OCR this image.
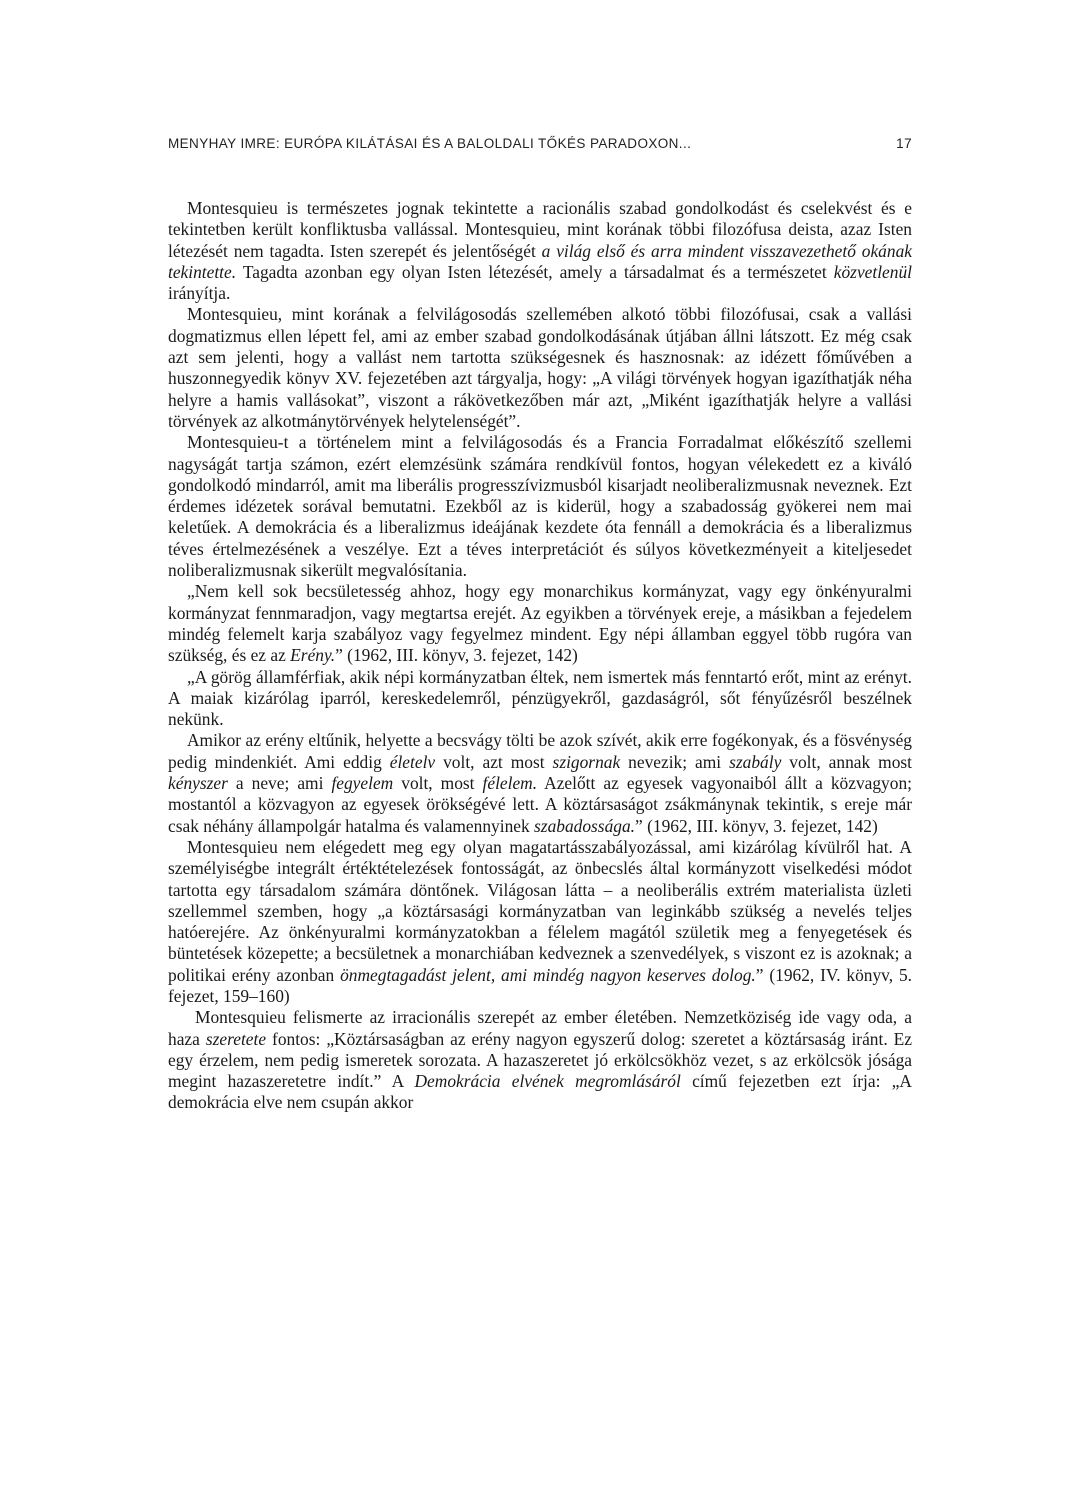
MENYHAY IMRE: EURÓPA KILÁTÁSAI ÉS A BALOLDALI TŐKÉS PARADOXON...	17

Montesquieu is természetes jognak tekintette a racionális szabad gondolkodást és cselekvést és e tekintetben került konfliktusba vallással. Montesquieu, mint korának többi filozófusa deista, azaz Isten létezését nem tagadta. Isten szerepét és jelentőségét a világ első és arra mindent visszavezethető okának tekintette. Tagadta azonban egy olyan Isten létezését, amely a társadalmat és a természetet közvetlenül irányítja.

Montesquieu, mint korának a felvilágosodás szellemében alkotó többi filozófusai, csak a vallási dogmatizmus ellen lépett fel, ami az ember szabad gondolkodásának útjában állni látszott. Ez még csak azt sem jelenti, hogy a vallást nem tartotta szükségesnek és hasznosnak: az idézett főművében a huszonnegyedik könyv XV. fejezetében azt tárgyalja, hogy: „A világi törvények hogyan igazíthatják néha helyre a hamis vallásokat”, viszont a rákövetkezőben már azt, „Miként igazíthatják helyre a vallási törvények az alkotmánytörvények helytelenségét”.

Montesquieu-t a történelem mint a felvilágosodás és a Francia Forradalmat előkészítő szellemi nagyságát tartja számon, ezért elemzésünk számára rendkívül fontos, hogyan vélekedett ez a kiváló gondolkodó mindarról, amit ma liberális progresszívizmusból kisarjadt neoliberalizmusnak neveznek. Ezt érdemes idézetek sorával bemutatni. Ezekből az is kiderül, hogy a szabadosság gyökerei nem mai keletűek. A demokrácia és a liberalizmus ideájának kezdete óta fennáll a demokrácia és a liberalizmus téves értelmezésének a veszélye. Ezt a téves interpretációt és súlyos következményeit a kiteljesedet noliberalizmusnak sikerült megvalósítania.

„Nem kell sok becsületesség ahhoz, hogy egy monarchikus kormányzat, vagy egy önkényuralmi kormányzat fennmaradjon, vagy megtartsa erejét. Az egyikben a törvények ereje, a másikban a fejedelem mindég felemelt karja szabályoz vagy fegyelmez mindent. Egy népi államban eggyel több rugóra van szükség, és ez az Erény.” (1962, III. könyv, 3. fejezet, 142)

„A görög államférfiak, akik népi kormányzatban éltek, nem ismertek más fenntartó erőt, mint az erényt. A maiak kizárólag iparról, kereskedelemről, pénzügyekről, gazdaságról, sőt fényűzésről beszélnek nekünk.

Amikor az erény eltűnik, helyette a becsvágy tölti be azok szívét, akik erre fogékonyak, és a fösvénység pedig mindenkiét. Ami eddig életelv volt, azt most szigornak nevezik; ami szabály volt, annak most kényszer a neve; ami fegyelem volt, most félelem. Azelőtt az egyesek vagyonaiból állt a közvagyon; mostantól a közvagyon az egyesek örökségévé lett. A köztársaságot zsákmánynak tekintik, s ereje már csak néhány állampolgár hatalma és valamennyinek szabadossága.” (1962, III. könyv, 3. fejezet, 142)

Montesquieu nem elégedett meg egy olyan magatartásszabályozással, ami kizárólag kívülről hat. A személyiségbe integrált értéktételezések fontosságát, az önbecslés által kormányzott viselkedési módot tartotta egy társadalom számára döntőnek. Világosan látta – a neoliberális extrém materialista üzleti szellemmel szemben, hogy „a köztársasági kormányzatban van leginkább szükség a nevelés teljes hatóerejére. Az önkényuralmi kormányzatokban a félelem magától születik meg a fenyegetések és büntetések közepette; a becsületnek a monarchiában kedveznek a szenvedélyek, s viszont ez is azoknak; a politikai erény azonban önmegtagadást jelent, ami mindég nagyon keserves dolog.” (1962, IV. könyv, 5. fejezet, 159–160)

Montesquieu felismerte az irracionális szerepét az ember életében. Nemzetköziség ide vagy oda, a haza szeretete fontos: „Köztársaságban az erény nagyon egyszerű dolog: szeretet a köztársaság iránt. Ez egy érzelem, nem pedig ismeretek sorozata. A hazaszeretet jó erkölcsökhöz vezet, s az erkölcsök jósága megint hazaszeretetre indít.” A Demokrácia elvének megromlásáról című fejezetben ezt írja: „A demokrácia elve nem csupán akkor
